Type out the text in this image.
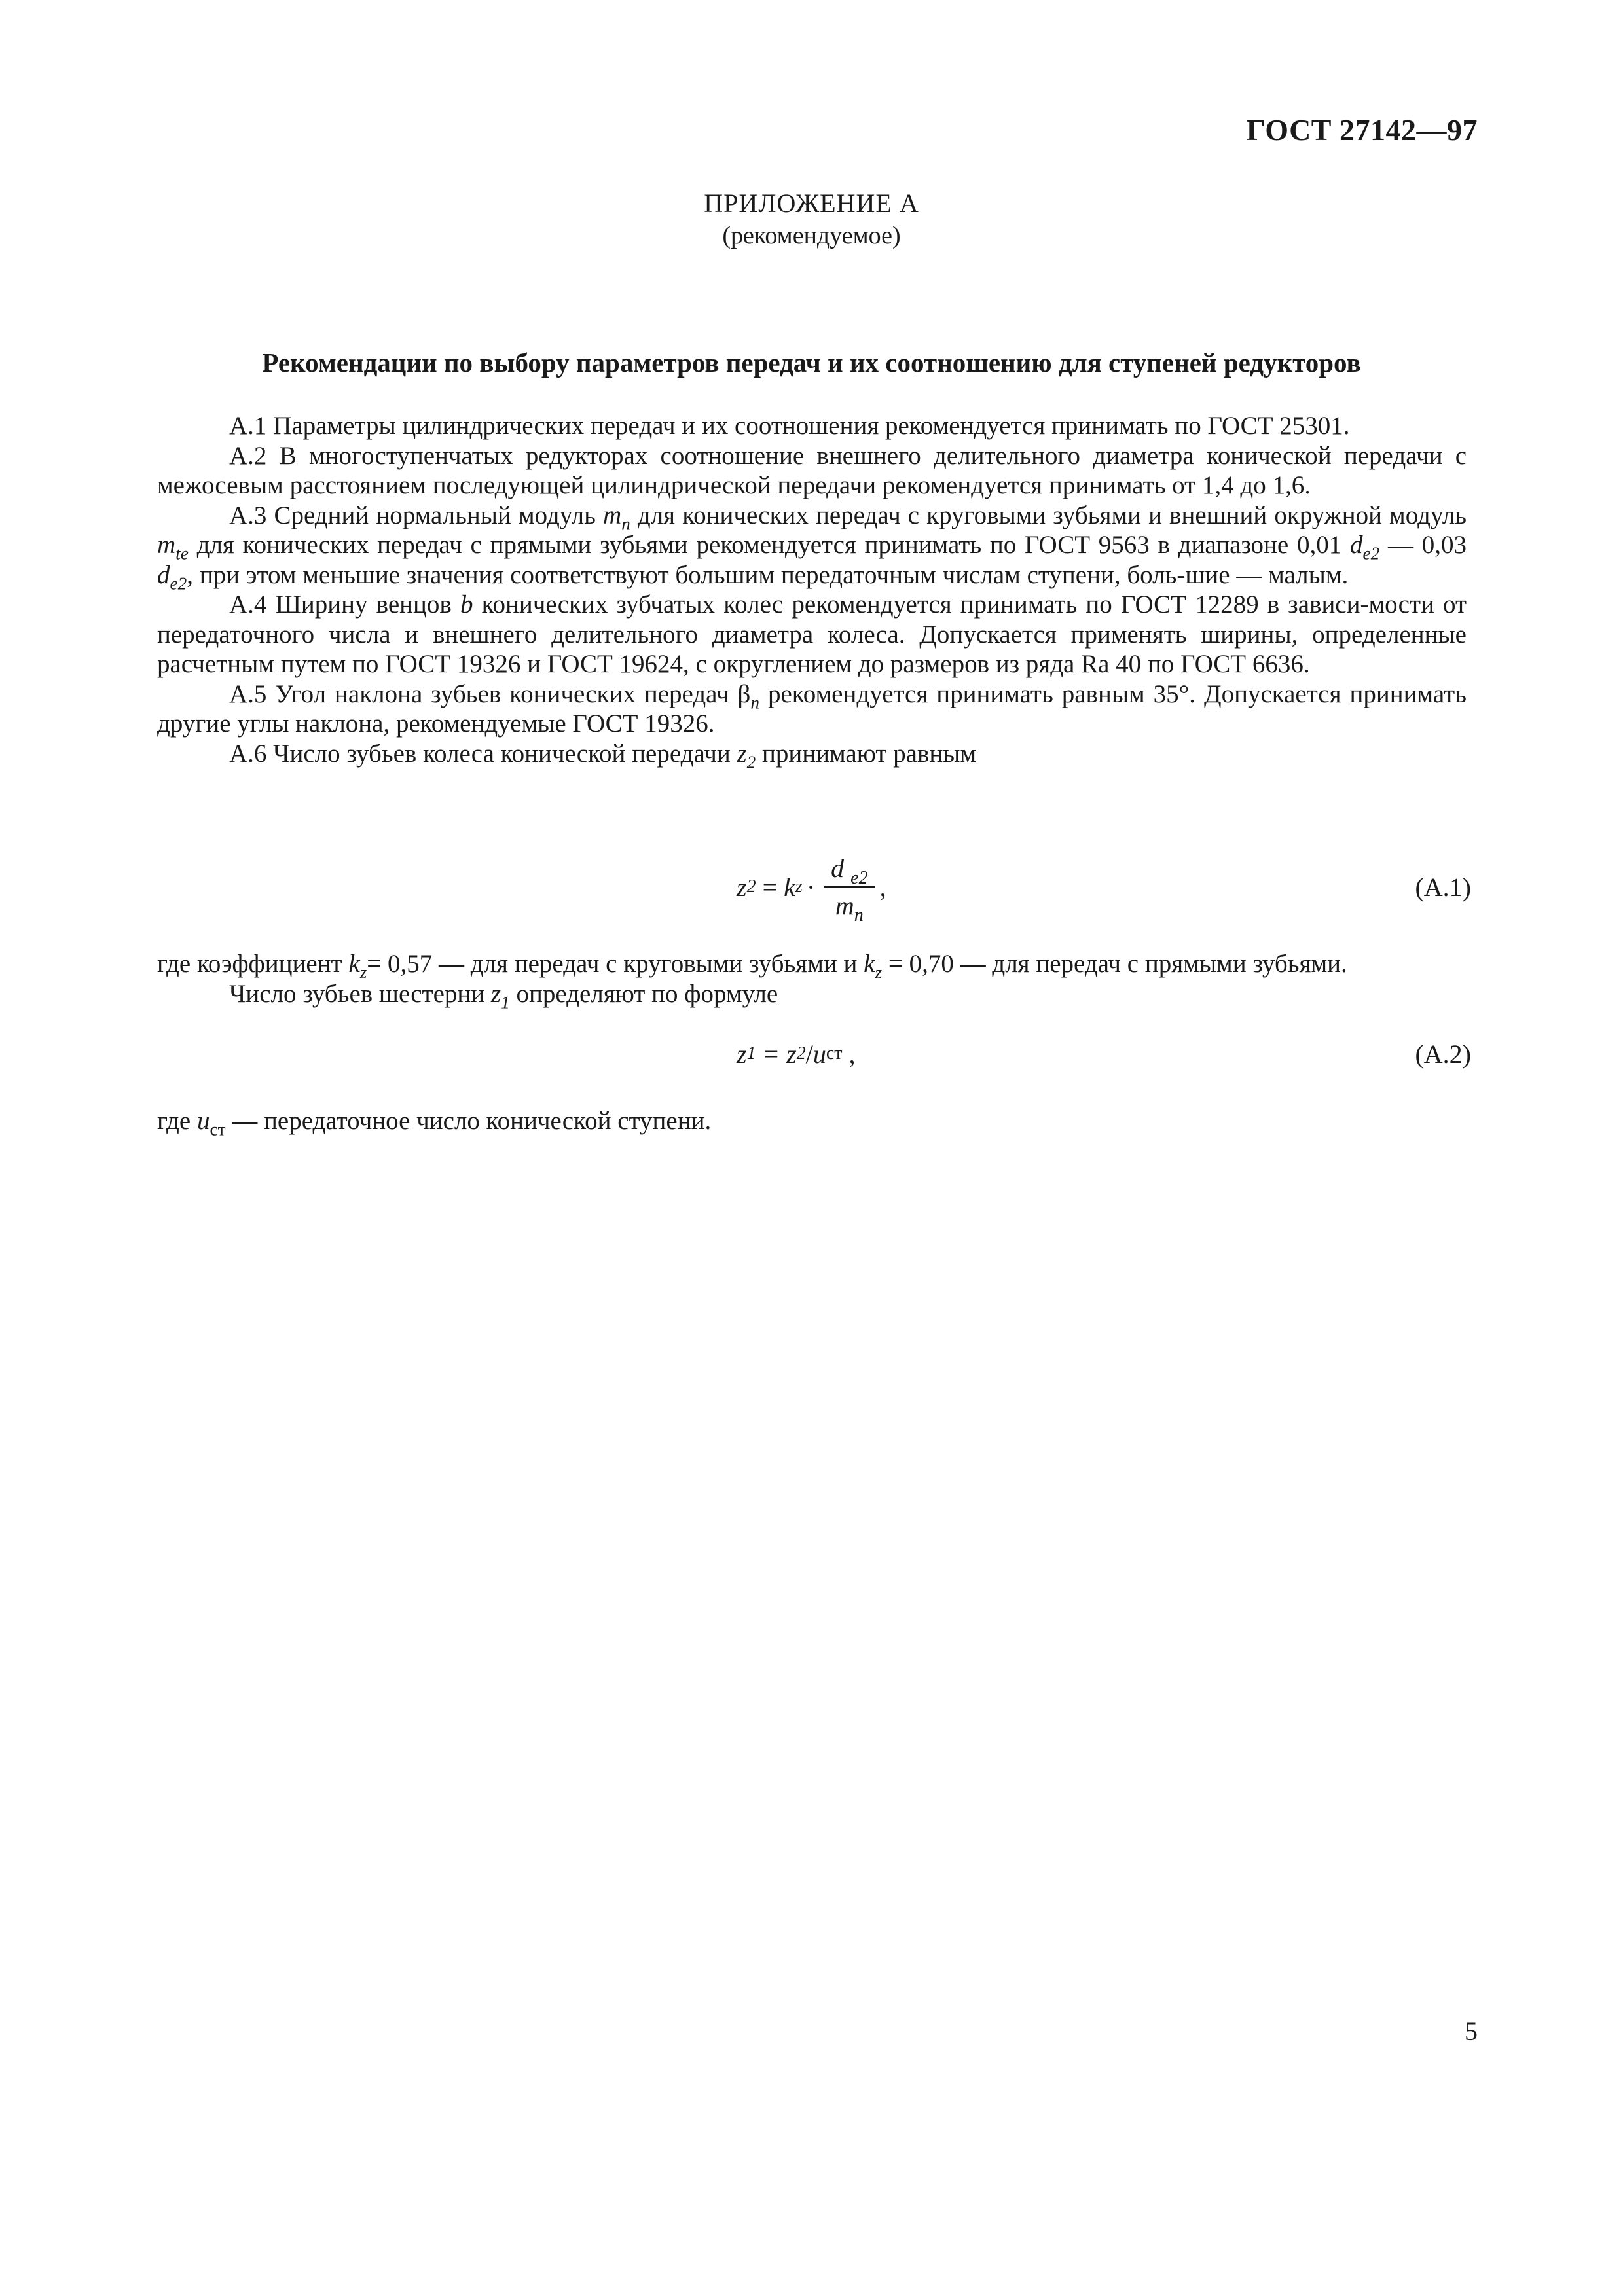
ГОСТ 27142—97
ПРИЛОЖЕНИЕ А
(рекомендуемое)
Рекомендации по выбору параметров передач и их соотношению для ступеней редукторов

А.1 Параметры цилиндрических передач и их соотношения рекомендуется принимать по ГОСТ 25301.

А.2 В многоступенчатых редукторах соотношение внешнего делительного диаметра конической передачи с межосевым расстоянием последующей цилиндрической передачи рекомендуется принимать от 1,4 до 1,6.

А.3 Средний нормальный модуль $m_n$ для конических передач с круговыми зубьями и внешний окружной модуль $m_{te}$ для конических передач с прямыми зубьями рекомендуется принимать по ГОСТ 9563 в диапазоне 0,01 $d_{e2}$ — 0,03 $d_{e2}$, при этом меньшие значения соответствуют большим передаточным числам ступени, боль-шие — малым.

А.4 Ширину венцов b конических зубчатых колес рекомендуется принимать по ГОСТ 12289 в зависи-мости от передаточного числа и внешнего делительного диаметра колеса. Допускается применять ширины, определенные расчетным путем по ГОСТ 19326 и ГОСТ 19624, с округлением до размеров из ряда Ra 40 по ГОСТ 6636.

А.5 Угол наклона зубьев конических передач $\beta_n$ рекомендуется принимать равным 35°. Допускается принимать другие углы наклона, рекомендуемые ГОСТ 19326.

А.6 Число зубьев колеса конической передачи $z_2$ принимают равным

z 2 = k $z \cdot \frac{d _{e2}}{m_n}$ ,	(А.1)

где коэффициент $k_z= 0,57$ — для передач с круговыми зубьями и $k_z = 0,70$ — для передач с прямыми зубьями.

Число зубьев шестерни $z_1$ определяют по формуле

z 1 = z 2 / u ст ,	(А.2)

где $u_{ст}$ — передаточное число конической ступени.

5
